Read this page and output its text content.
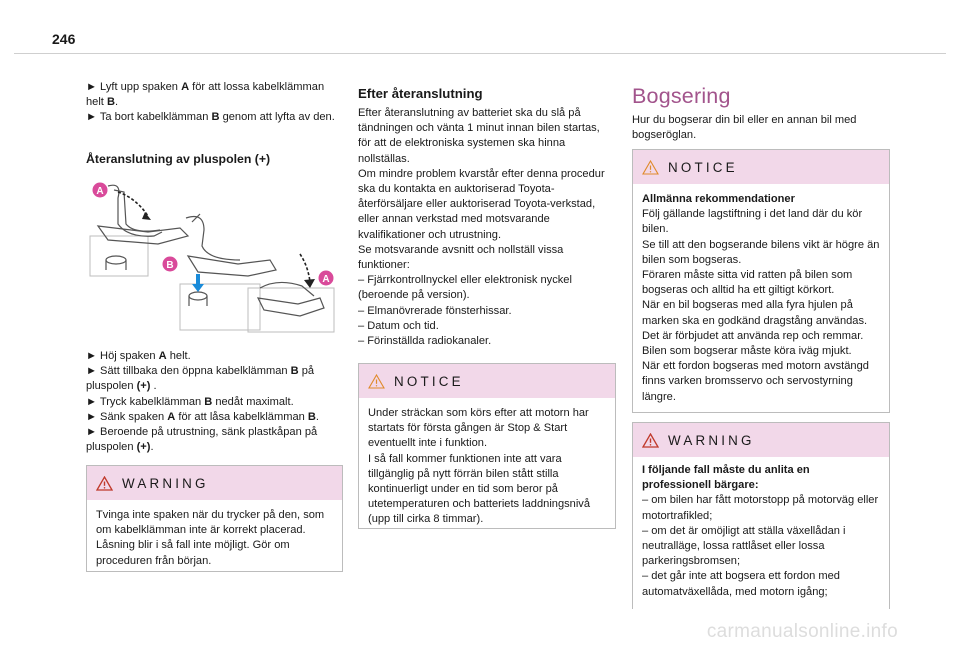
246

► Lyft upp spaken A för att lossa kabelklämman helt B.

► Ta bort kabelklämman B genom att lyfta av den.

Återanslutning av pluspolen (+)
A
B
A

► Höj spaken A helt.

► Sätt tillbaka den öppna kabelklämman B på pluspolen (+) .

► Tryck kabelklämman B nedåt maximalt.

► Sänk spaken A för att låsa kabelklämman B.

► Beroende på utrustning, sänk plastkåpan på pluspolen (+).

WARNING

Tvinga inte spaken när du trycker på den, som om kabelklämman inte är korrekt placerad. Låsning blir i så fall inte möjligt. Gör om proceduren från början.

Efter återanslutning

Efter återanslutning av batteriet ska du slå på tändningen och vänta 1 minut innan bilen startas, för att de elektroniska systemen ska hinna nollställas.

Om mindre problem kvarstår efter denna procedur ska du kontakta en auktoriserad Toyota-återförsäljare eller auktoriserad Toyota-verkstad, eller annan verkstad med motsvarande kvalifikationer och utrustning.

Se motsvarande avsnitt och nollställ vissa funktioner:

– Fjärrkontrollnyckel eller elektronisk nyckel (beroende på version).

– Elmanövrerade fönsterhissar.

– Datum och tid.

– Förinställda radiokanaler.

NOTICE

Under sträckan som körs efter att motorn har startats för första gången är Stop & Start eventuellt inte i funktion.

I så fall kommer funktionen inte att vara tillgänglig på nytt förrän bilen stått stilla kontinuerligt under en tid som beror på utetemperaturen och batteriets laddningsnivå (upp till cirka 8 timmar).

Bogsering

Hur du bogserar din bil eller en annan bil med bogseröglan.

NOTICE

Allmänna rekommendationer

Följ gällande lagstiftning i det land där du kör bilen.

Se till att den bogserande bilens vikt är högre än bilen som bogseras.

Föraren måste sitta vid ratten på bilen som bogseras och alltid ha ett giltigt körkort.

När en bil bogseras med alla fyra hjulen på marken ska en godkänd dragstång användas. Det är förbjudet att använda rep och remmar.

Bilen som bogserar måste köra iväg mjukt.

När ett fordon bogseras med motorn avstängd finns varken bromsservo och servostyrning längre.

WARNING

I följande fall måste du anlita en professionell bärgare:

– om bilen har fått motorstopp på motorväg eller motortrafikled;

– om det är omöjligt att ställa växellådan i neutralläge, lossa rattlåset eller lossa parkeringsbromsen;

– det går inte att bogsera ett fordon med automatväxellåda, med motorn igång;

carmanualsonline.info
